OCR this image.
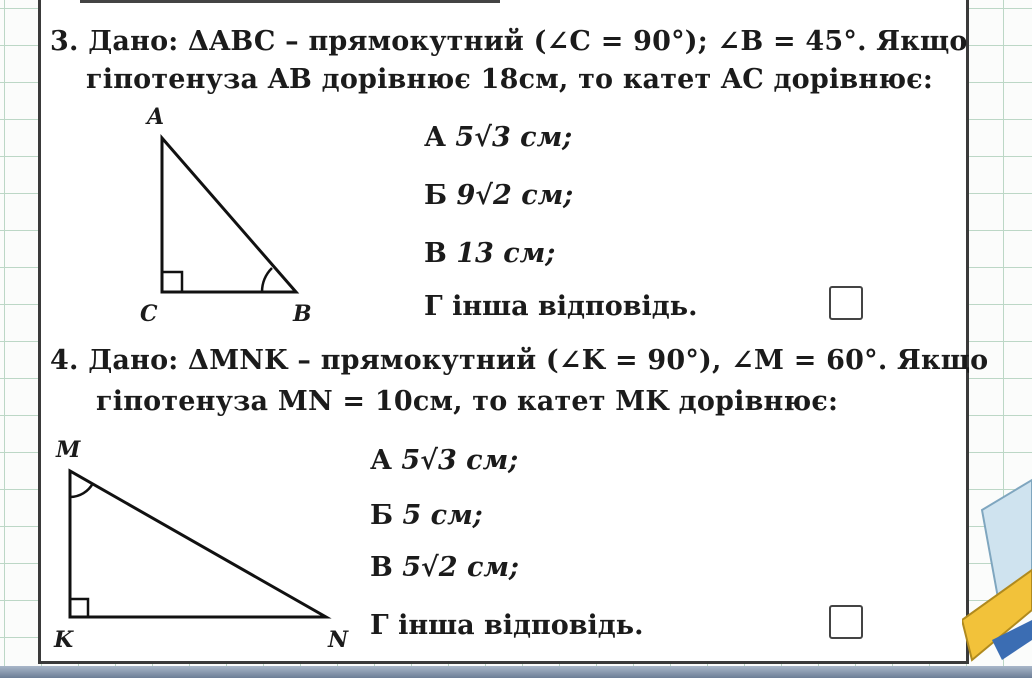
3. Дано: ΔABC – прямокутний (∠C = 90°); ∠B = 45°. Якщо
гіпотенуза AB дорівнює 18см, то катет AC дорівнює:
A
C	B
А 5√3 см;
Б 9√2 см;
В 13 см;
Г інша відповідь.
4. Дано: ΔMNK – прямокутний (∠K = 90°), ∠M = 60°. Якщо
гіпотенуза MN = 10см, то катет MK дорівнює:
M
K	N
А 5√3 см;
Б 5 см;
В 5√2 см;
Г інша відповідь.
